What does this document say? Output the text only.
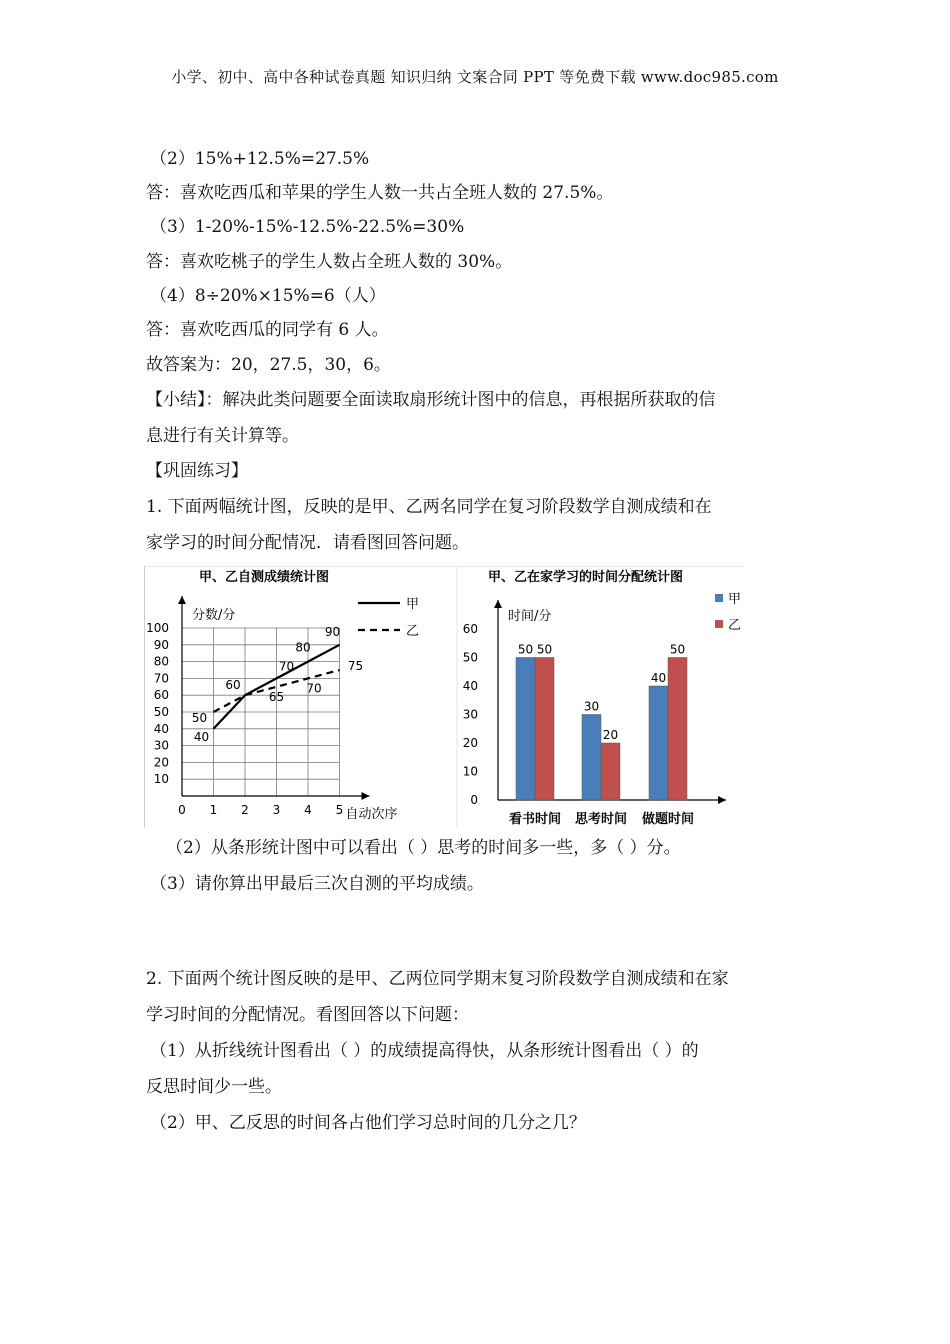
小学、初中、高中各种试卷真题 知识归纳 文案合同 PPT 等免费下载 www.doc985.com
（2）15%+12.5%=27.5%
答：喜欢吃西瓜和苹果的学生人数一共占全班人数的 27.5%。
（3）1-20%-15%-12.5%-22.5%=30%
答：喜欢吃桃子的学生人数占全班人数的 30%。
（4）8÷20%×15%=6（人）
答：喜欢吃西瓜的同学有 6 人。
故答案为：20，27.5，30，6。
【小结】：解决此类问题要全面读取扇形统计图中的信息，再根据所获取的信
息进行有关计算等。
【巩固练习】
1. 下面两幅统计图，反映的是甲、乙两名同学在复习阶段数学自测成绩和在
家学习的时间分配情况．请看图回答问题。
甲、乙自测成绩统计图
分数/分
10
20
30
40
50
60
70
80
90
100
0 1 2 3 4 5 自动次序
40
60
70
80
90
50
65
70
75
甲
乙
甲、乙在家学习的时间分配统计图
时间/分
0
10
20
30
40
50
60
50 50
看书时间
30
20
思考时间
40
50
做题时间
甲
乙
（2）从条形统计图中可以看出（ ）思考的时间多一些，多（ ）分。
（3）请你算出甲最后三次自测的平均成绩。
2. 下面两个统计图反映的是甲、乙两位同学期末复习阶段数学自测成绩和在家
学习时间的分配情况。看图回答以下问题：
（1）从折线统计图看出（ ）的成绩提高得快，从条形统计图看出（ ）的
反思时间少一些。
（2）甲、乙反思的时间各占他们学习总时间的几分之几？
